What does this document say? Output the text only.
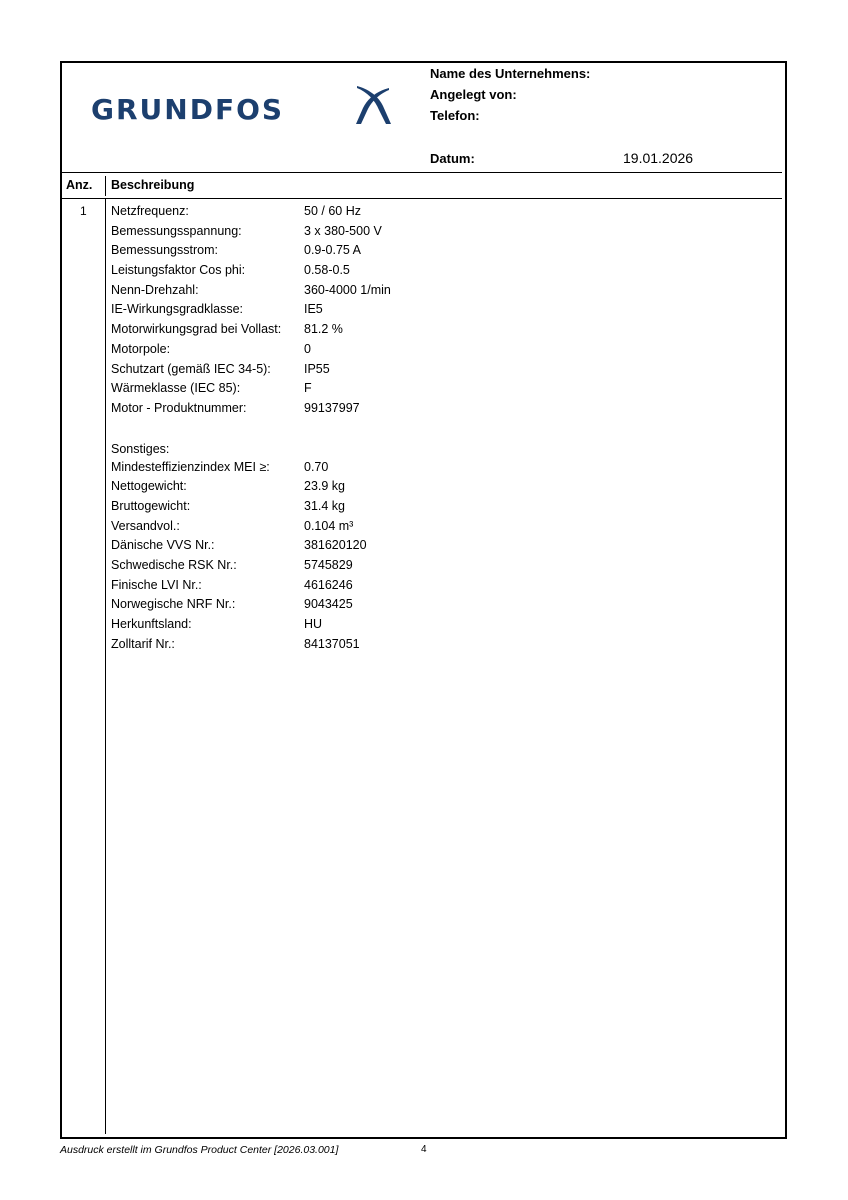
GRUNDFOS
Name des Unternehmens:
Angelegt von:
Telefon:
Datum:	19.01.2026
Anz. Beschreibung
1 Netzfrequenz:	50 / 60 Hz
Bemessungsspannung:	3 x 380-500 V
Bemessungsstrom:	0.9-0.75 A
Leistungsfaktor Cos phi:	0.58-0.5
Nenn-Drehzahl:	360-4000 1/min
IE-Wirkungsgradklasse:	IE5
Motorwirkungsgrad bei Vollast: 81.2 %
Motorpole:	0
Schutzart (gemäß IEC 34-5):	IP55
Wärmeklasse (IEC 85):	F
Motor - Produktnummer:	99137997
Sonstiges:
Mindesteffizienzindex MEI ≥:	0.70
Nettogewicht:	23.9 kg
Bruttogewicht:	31.4 kg
Versandvol.:	0.104 m³
Dänische VVS Nr.:	381620120
Schwedische RSK Nr.:	5745829
Finische LVI Nr.:	4616246
Norwegische NRF Nr.:	9043425
Herkunftsland:	HU
Zolltarif Nr.:	84137051
Ausdruck erstellt im Grundfos Product Center [2026.03.001]	4
